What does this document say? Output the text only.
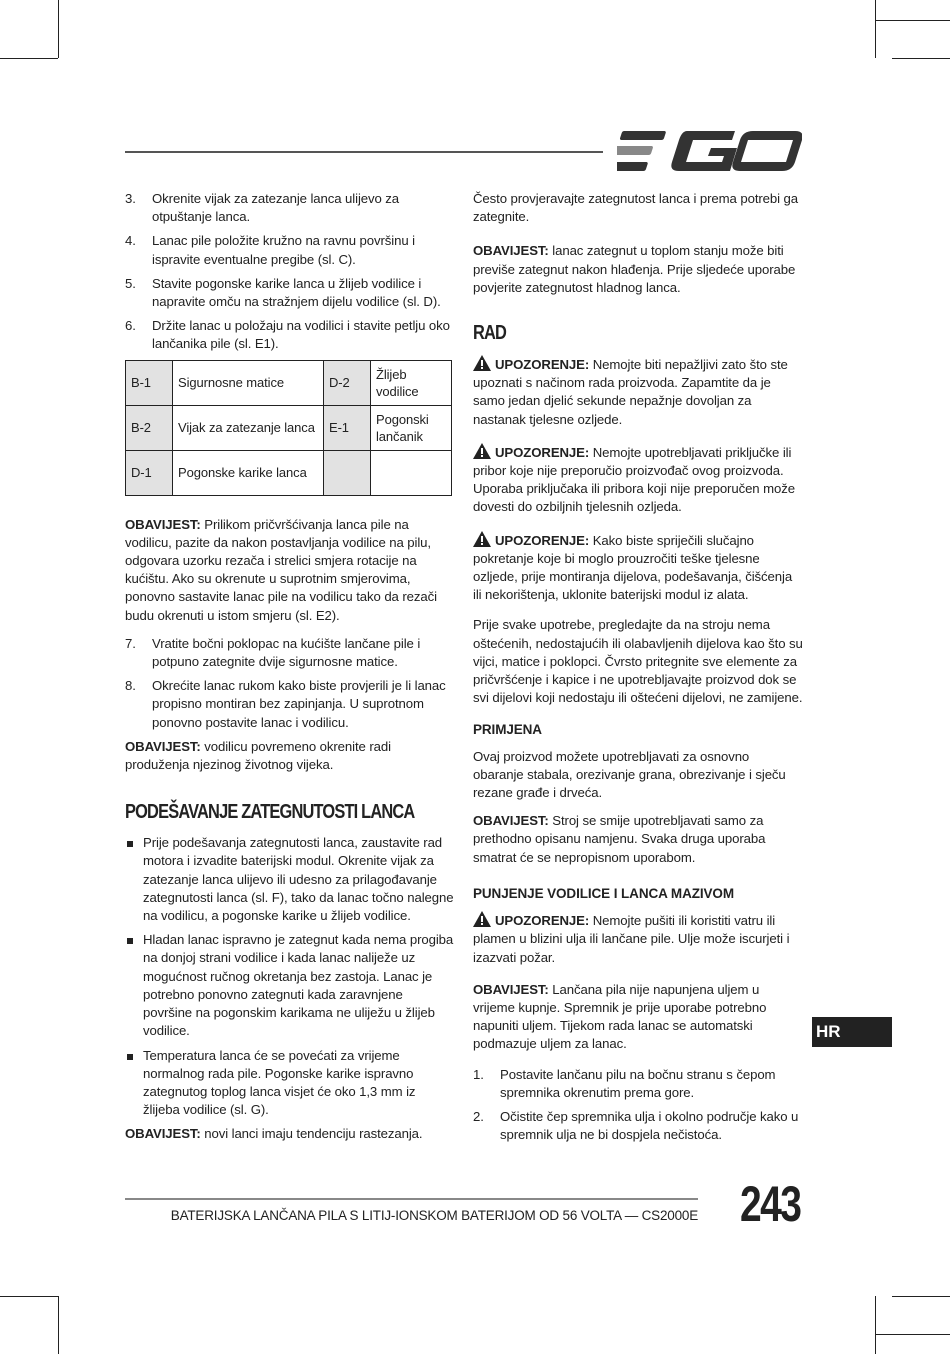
3. Okrenite vijak za zatezanje lanca ulijevo za otpuštanje lanca.
4. Lanac pile položite kružno na ravnu površinu i ispravite eventualne pregibe (sl. C).
5. Stavite pogonske karike lanca u žlijeb vodilice i napravite omču na stražnjem dijelu vodilice (sl. D).
6. Držite lanac u položaju na vodilici i stavite petlju oko lančanika pile (sl. E1).
B-1	Sigurnosne matice	D-2	Žlijeb vodilice
B-2	Vijak za zatezanje lanca	E-1	Pogonski lančanik
D-1	Pogonske karike lanca		

OBAVIJEST: Prilikom pričvršćivanja lanca pile na vodilicu, pazite da nakon postavljanja vodilice na pilu, odgovara uzorku rezača i strelici smjera rotacije na kućištu. Ako su okrenute u suprotnim smjerovima, ponovno sastavite lanac pile na vodilicu tako da rezači budu okrenuti u istom smjeru (sl. E2).

7. Vratite bočni poklopac na kućište lančane pile i potpuno zategnite dvije sigurnosne matice.
8. Okrećite lanac rukom kako biste provjerili je li lanac propisno montiran bez zapinjanja. U suprotnom ponovno postavite lanac i vodilicu.

OBAVIJEST: vodilicu povremeno okrenite radi produženja njezinog životnog vijeka.

PODEŠAVANJE ZATEGNUTOSTI LANCA
Prije podešavanja zategnutosti lanca, zaustavite rad motora i izvadite baterijski modul. Okrenite vijak za zatezanje lanca ulijevo ili udesno za prilagođavanje zategnutosti lanca (sl. F), tako da lanac točno nalegne na vodilicu, a pogonske karike u žlijeb vodilice.
Hladan lanac ispravno je zategnut kada nema progiba na donjoj strani vodilice i kada lanac naliježe uz mogućnost ručnog okretanja bez zastoja. Lanac je potrebno ponovno zategnuti kada zaravnjene površine na pogonskim karikama ne uliježu u žlijeb vodilice.
Temperatura lanca će se povećati za vrijeme normalnog rada pile. Pogonske karike ispravno zategnutog toplog lanca visjet će oko 1,3 mm iz žlijeba vodilice (sl. G).

OBAVIJEST: novi lanci imaju tendenciju rastezanja.

Često provjeravajte zategnutost lanca i prema potrebi ga zategnite.

OBAVIJEST: lanac zategnut u toplom stanju može biti previše zategnut nakon hlađenja. Prije sljedeće uporabe povjerite zategnutost hladnog lanca.

RAD

UPOZORENJE: Nemojte biti nepažljivi zato što ste upoznati s načinom rada proizvoda. Zapamtite da je samo jedan djelić sekunde nepažnje dovoljan za nastanak tjelesne ozljede.

UPOZORENJE: Nemojte upotrebljavati priključke ili pribor koje nije preporučio proizvođač ovog proizvoda. Uporaba priključaka ili pribora koji nije preporučen može dovesti do ozbiljnih tjelesnih ozljeda.

UPOZORENJE: Kako biste spriječili slučajno pokretanje koje bi moglo prouzročiti teške tjelesne ozljede, prije montiranja dijelova, podešavanja, čišćenja ili nekorištenja, uklonite baterijski modul iz alata.

Prije svake upotrebe, pregledajte da na stroju nema oštećenih, nedostajućih ili olabavljenih dijelova kao što su vijci, matice i poklopci. Čvrsto pritegnite sve elemente za pričvršćenje i kapice i ne upotrebljavajte proizvod dok se svi dijelovi koji nedostaju ili oštećeni dijelovi, ne zamijene.

PRIMJENA

Ovaj proizvod možete upotrebljavati za osnovno obaranje stabala, orezivanje grana, obrezivanje i sječu rezane građe i drveća.

OBAVIJEST: Stroj se smije upotrebljavati samo za prethodno opisanu namjenu. Svaka druga uporaba smatrat će se nepropisnom uporabom.

PUNJENJE VODILICE I LANCA MAZIVOM

UPOZORENJE: Nemojte pušiti ili koristiti vatru ili plamen u blizini ulja ili lančane pile. Ulje može iscurjeti i izazvati požar.

OBAVIJEST: Lančana pila nije napunjena uljem u vrijeme kupnje. Spremnik je prije uporabe potrebno napuniti uljem. Tijekom rada lanac se automatski podmazuje uljem za lanac.

1. Postavite lančanu pilu na bočnu stranu s čepom spremnika okrenutim prema gore.
2. Očistite čep spremnika ulja i okolno područje kako u spremnik ulja ne bi dospjela nečistoća.
HR
BATERIJSKA LANČANA PILA S LITIJ-IONSKOM BATERIJOM OD 56 VOLTA — CS2000E 243
